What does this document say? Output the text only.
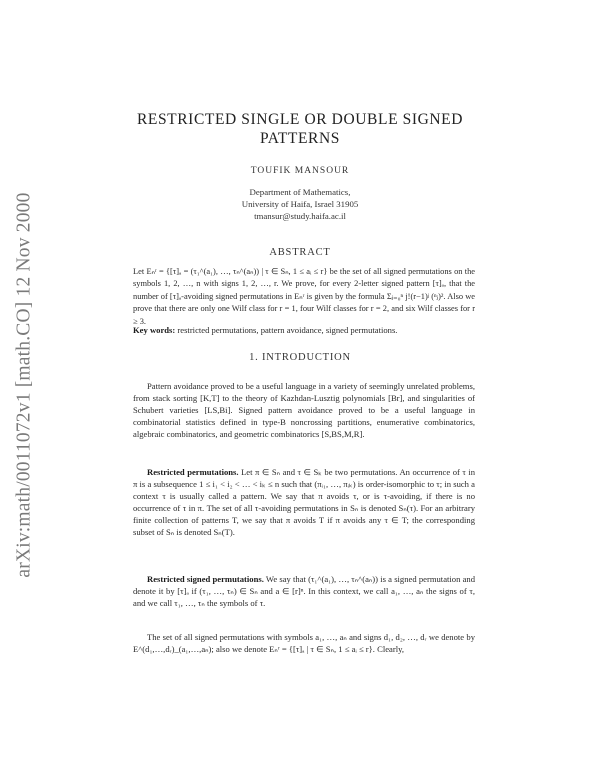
arXiv:math/0011072v1 [math.CO] 12 Nov 2000
RESTRICTED SINGLE OR DOUBLE SIGNED
PATTERNS
TOUFIK MANSOUR
Department of Mathematics,
University of Haifa, Israel 31905
tmansur@study.haifa.ac.il
ABSTRACT
Let Eₙʳ = {[τ]ₐ = (τ₁^(a₁), …, τₙ^(aₙ)) | τ ∈ Sₙ, 1 ≤ aᵢ ≤ r} be the set of all signed permutations on the symbols 1, 2, …, n with signs 1, 2, …, r. We prove, for every 2-letter signed pattern [τ]ₐ, that the number of [τ]ₐ-avoiding signed permutations in Eₙʳ is given by the formula Σⱼ₌₀ⁿ j!(r−1)ʲ (ⁿⱼ)². Also we prove that there are only one Wilf class for r = 1, four Wilf classes for r = 2, and six Wilf classes for r ≥ 3.
Key words: restricted permutations, pattern avoidance, signed permutations.
1. INTRODUCTION
Pattern avoidance proved to be a useful language in a variety of seemingly unrelated problems, from stack sorting [K,T] to the theory of Kazhdan-Lusztig polynomials [Br], and singularities of Schubert varieties [LS,Bi]. Signed pattern avoidance proved to be a useful language in combinatorial statistics defined in type-B noncrossing partitions, enumerative combinatorics, algebraic combinatorics, and geometric combinatorics [S,BS,M,R].
Restricted permutations. Let π ∈ Sₙ and τ ∈ Sₖ be two permutations. An occurrence of τ in π is a subsequence 1 ≤ i₁ < i₂ < … < iₖ ≤ n such that (πᵢ₁, …, πᵢₖ) is order-isomorphic to τ; in such a context τ is usually called a pattern. We say that π avoids τ, or is τ-avoiding, if there is no occurrence of τ in π. The set of all τ-avoiding permutations in Sₙ is denoted Sₙ(τ). For an arbitrary finite collection of patterns T, we say that π avoids T if π avoids any τ ∈ T; the corresponding subset of Sₙ is denoted Sₙ(T).
Restricted signed permutations. We say that (τ₁^(a₁), …, τₙ^(aₙ)) is a signed permutation and denote it by [τ]ₐ if (τ₁, …, τₙ) ∈ Sₙ and a ∈ [r]ⁿ. In this context, we call a₁, …, aₙ the signs of τ, and we call τ₁, …, τₙ the symbols of τ.
The set of all signed permutations with symbols a₁, …, aₙ and signs d₁, d₂, …, dᵣ we denote by E^(d₁,…,dᵣ)_(a₁,…,aₙ); also we denote Eₙʳ = {[τ]ₐ | τ ∈ Sₙ, 1 ≤ aᵢ ≤ r}. Clearly,
